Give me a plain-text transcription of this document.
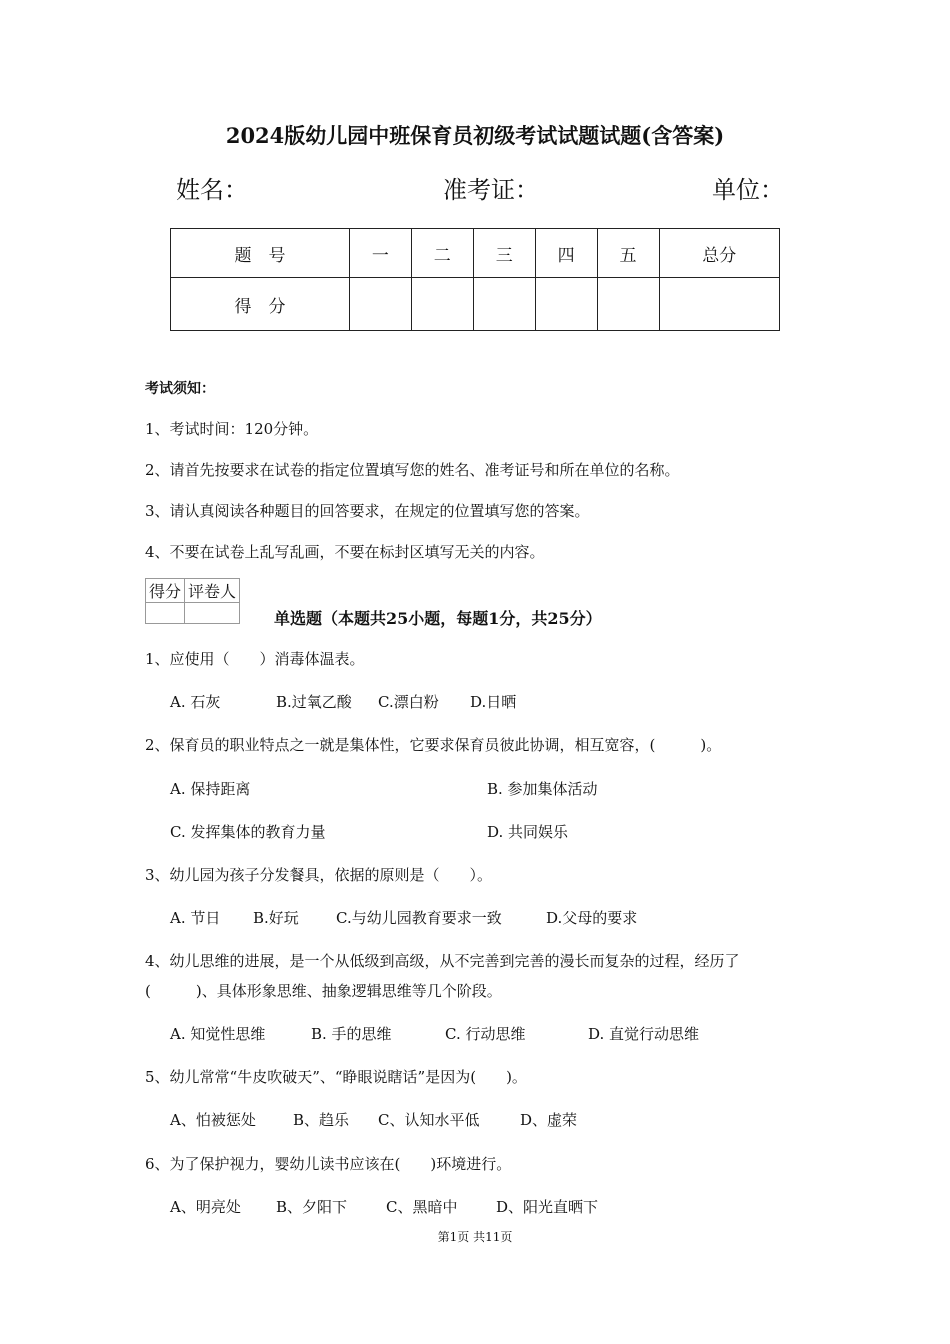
2024版幼儿园中班保育员初级考试试题试题(含答案)
姓名：	准考证：	单位：
题　号	一	二	三	四	五	总分
得　分						
考试须知：
1、考试时间：120分钟。
2、请首先按要求在试卷的指定位置填写您的姓名、准考证号和所在单位的名称。
3、请认真阅读各种题目的回答要求，在规定的位置填写您的答案。
4、不要在试卷上乱写乱画，不要在标封区填写无关的内容。
得分	评卷人

单选题（本题共25小题，每题1分，共25分）
1、应使用（　　）消毒体温表。
A. 石灰	B.过氧乙酸 C.漂白粉 D.日晒
2、保育员的职业特点之一就是集体性，它要求保育员彼此协调，相互宽容，(　　　)。
A. 保持距离	B. 参加集体活动
C. 发挥集体的教育力量	D. 共同娱乐
3、幼儿园为孩子分发餐具，依据的原则是（　　）。
A. 节日 B.好玩 C.与幼儿园教育要求一致	D.父母的要求
4、幼儿思维的进展，是一个从低级到高级，从不完善到完善的漫长而复杂的过程，经历了
(　　　)、具体形象思维、抽象逻辑思维等几个阶段。
A. 知觉性思维	B. 手的思维	C. 行动思维	D. 直觉行动思维
5、幼儿常常“牛皮吹破天”、“睁眼说瞎话”是因为(　　)。
A、怕被惩处 B、趋乐 C、认知水平低	D、虚荣
6、为了保护视力，婴幼儿读书应该在(　　)环境进行。
A、明亮处 B、夕阳下	C、黑暗中	D、阳光直晒下
第1页 共11页
